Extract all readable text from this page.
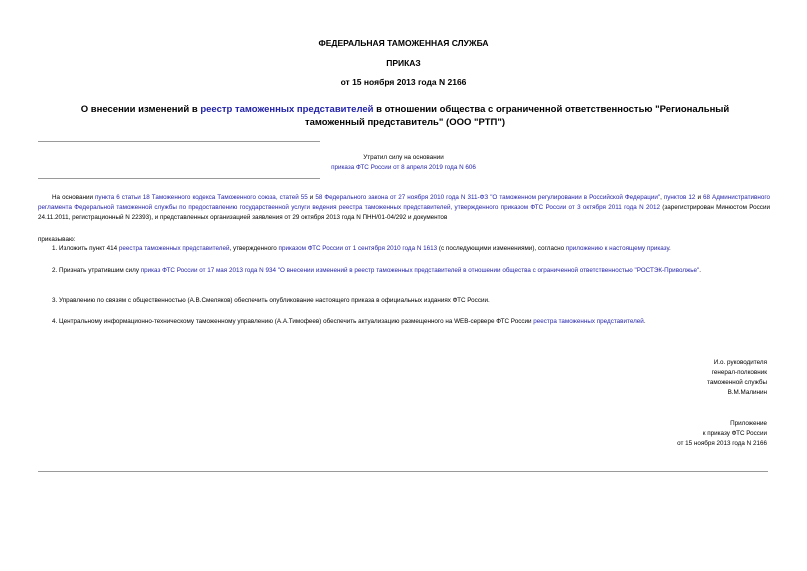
ФЕДЕРАЛЬНАЯ ТАМОЖЕННАЯ СЛУЖБА
ПРИКАЗ
от 15 ноября 2013 года N 2166
О внесении изменений в реестр таможенных представителей в отношении общества с ограниченной ответственностью "Региональный таможенный представитель" (ООО "РТП")
Утратил силу на основании
приказа ФТС России от 8 апреля 2019 года N 606
На основании пункта 6 статьи 18 Таможенного кодекса Таможенного союза, статей 55 и 58 Федерального закона от 27 ноября 2010 года N 311-ФЗ "О таможенном регулировании в Российской Федерации", пунктов 12 и 68 Административного регламента Федеральной таможенной службы по предоставлению государственной услуги ведения реестра таможенных представителей, утвержденного приказом ФТС России от 3 октября 2011 года N 2012 (зарегистрирован Минюстом России 24.11.2011, регистрационный N 22393), и представленных организацией заявления от 29 октября 2013 года N ПНН/01-04/292 и документов
приказываю:
1. Изложить пункт 414 реестра таможенных представителей, утвержденного приказом ФТС России от 1 сентября 2010 года N 1613 (с последующими изменениями), согласно приложению к настоящему приказу.
2. Признать утратившим силу приказ ФТС России от 17 мая 2013 года N 934 "О внесении изменений в реестр таможенных представителей в отношении общества с ограниченной ответственностью "РОСТЭК-Приволжье".
3. Управлению по связям с общественностью (А.В.Смеляков) обеспечить опубликование настоящего приказа в официальных изданиях ФТС России.
4. Центральному информационно-техническому таможенному управлению (А.А.Тимофеев) обеспечить актуализацию размещенного на WEB-сервере ФТС России реестра таможенных представителей.
И.о. руководителя
генерал-полковник
таможенной службы
В.М.Малинин
Приложение
к приказу ФТС России
от 15 ноября 2013 года N 2166
